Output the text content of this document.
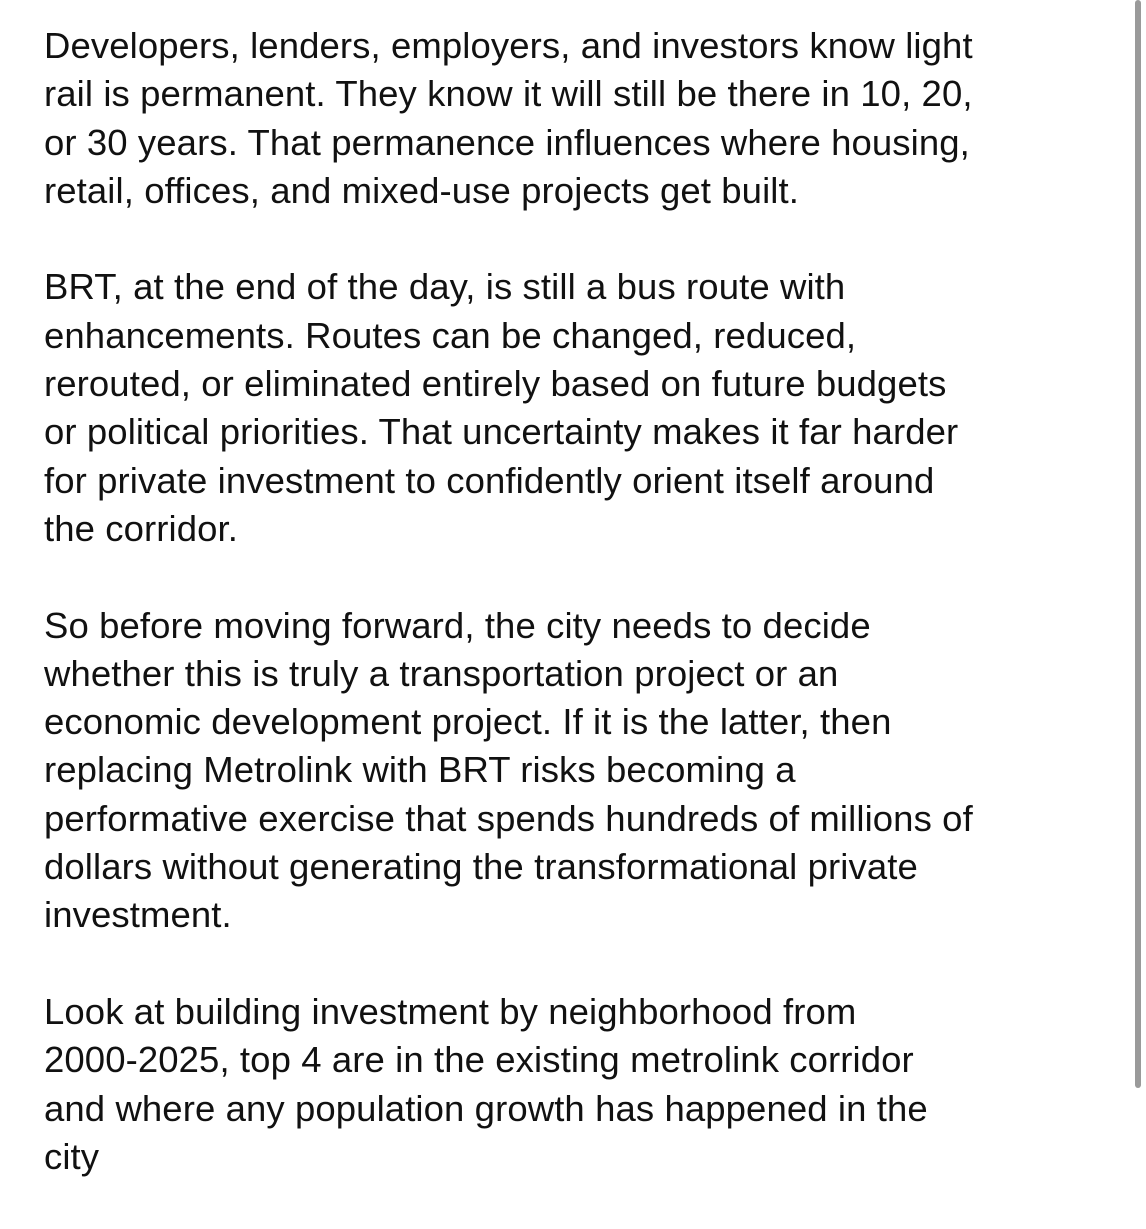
Developers, lenders, employers, and investors know light
rail is permanent. They know it will still be there in 10, 20,
or 30 years. That permanence influences where housing,
retail, offices, and mixed-use projects get built.

BRT, at the end of the day, is still a bus route with
enhancements. Routes can be changed, reduced,
rerouted, or eliminated entirely based on future budgets
or political priorities. That uncertainty makes it far harder
for private investment to confidently orient itself around
the corridor.

So before moving forward, the city needs to decide
whether this is truly a transportation project or an
economic development project. If it is the latter, then
replacing Metrolink with BRT risks becoming a
performative exercise that spends hundreds of millions of
dollars without generating the transformational private
investment.

Look at building investment by neighborhood from
2000-2025, top 4 are in the existing metrolink corridor
and where any population growth has happened in the
city
